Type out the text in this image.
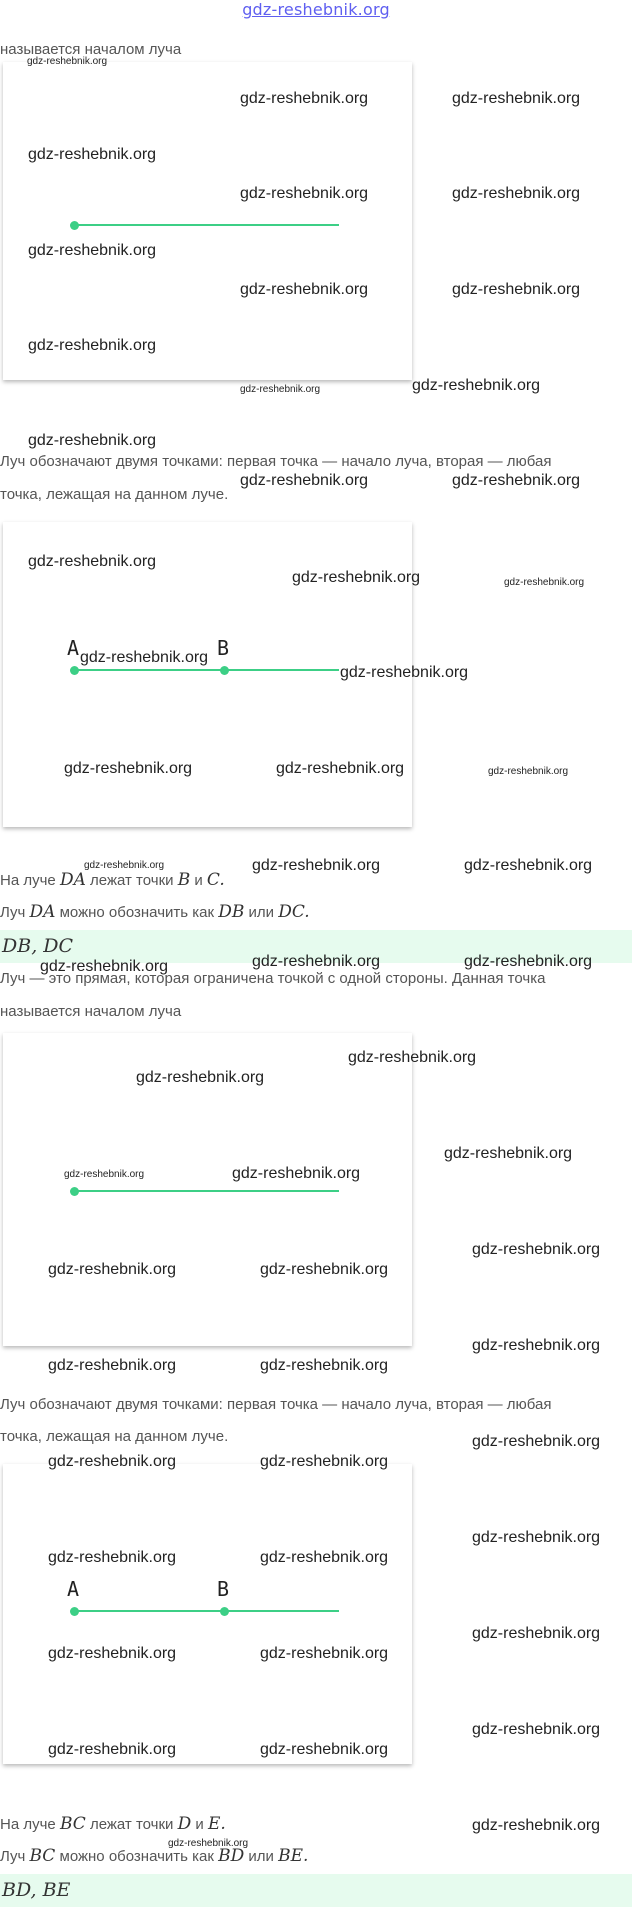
gdz-reshebnik.org
называется началом луча
Луч обозначают двумя точками: первая точка — начало луча, вторая — любая
точка, лежащая на данном луче.
A	B
На луче DA лежат точки B и C.
Луч DA можно обозначить как DB или DC.
DB, DC
Луч — это прямая, которая ограничена точкой с одной стороны. Данная точка
называется началом луча
Луч обозначают двумя точками: первая точка — начало луча, вторая — любая
точка, лежащая на данном луче.
A	B
На луче BC лежат точки D и E.
Луч BC можно обозначить как BD или BE.
BD, BE
gdz-reshebnik.org
gdz-reshebnik.org	gdz-reshebnik.org
gdz-reshebnik.org
gdz-reshebnik.org	gdz-reshebnik.org
gdz-reshebnik.org
gdz-reshebnik.org	gdz-reshebnik.org
gdz-reshebnik.org
gdz-reshebnik.org	gdz-reshebnik.org
gdz-reshebnik.org
gdz-reshebnik.org	gdz-reshebnik.org
gdz-reshebnik.org
gdz-reshebnik.org	gdz-reshebnik.org
gdz-reshebnik.org
gdz-reshebnik.org
gdz-reshebnik.org	gdz-reshebnik.org	gdz-reshebnik.org
gdz-reshebnik.org	gdz-reshebnik.org	gdz-reshebnik.org
gdz-reshebnik.org	gdz-reshebnik.org	gdz-reshebnik.org
gdz-reshebnik.org
gdz-reshebnik.org
gdz-reshebnik.org
gdz-reshebnik.org	gdz-reshebnik.org
gdz-reshebnik.org
gdz-reshebnik.org	gdz-reshebnik.org
gdz-reshebnik.org
gdz-reshebnik.org	gdz-reshebnik.org
gdz-reshebnik.org
gdz-reshebnik.org	gdz-reshebnik.org
gdz-reshebnik.org
gdz-reshebnik.org	gdz-reshebnik.org
gdz-reshebnik.org
gdz-reshebnik.org	gdz-reshebnik.org
gdz-reshebnik.org
gdz-reshebnik.org	gdz-reshebnik.org
gdz-reshebnik.org
gdz-reshebnik.org
